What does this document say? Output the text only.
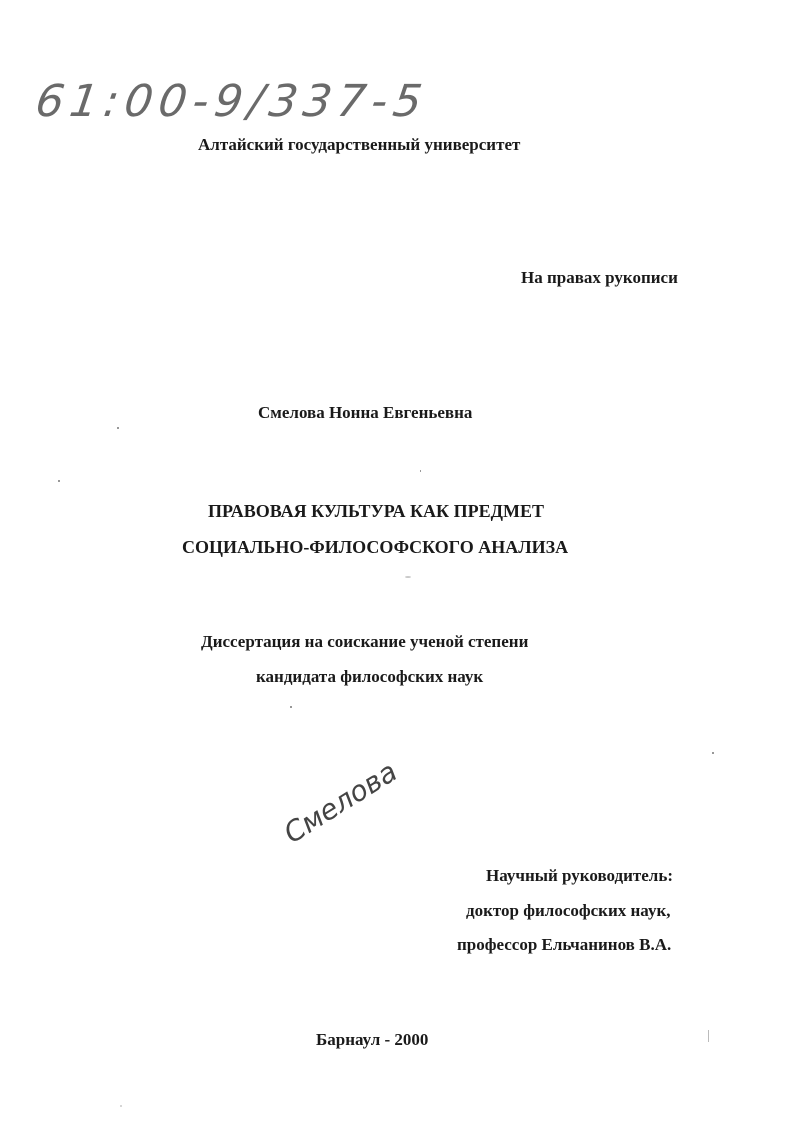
61:00-9/337-5
Алтайский государственный университет
На правах рукописи
Смелова Нонна Евгеньевна
ПРАВОВАЯ КУЛЬТУРА КАК ПРЕДМЕТ
СОЦИАЛЬНО-ФИЛОСОФСКОГО АНАЛИЗА
Диссертация на соискание ученой степени
кандидата философских наук
Смелова
Научный руководитель:
доктор философских наук,
профессор Ельчанинов В.А.
Барнаул - 2000
